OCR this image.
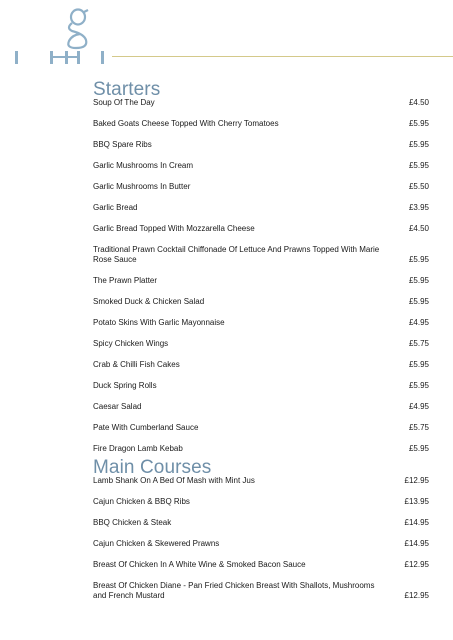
Starters
Soup Of The Day	£4.50
Baked Goats Cheese Topped With Cherry Tomatoes	£5.95
BBQ Spare Ribs	£5.95
Garlic Mushrooms In Cream	£5.95
Garlic Mushrooms In Butter	£5.50
Garlic Bread	£3.95
Garlic Bread Topped With Mozzarella Cheese	£4.50
Traditional Prawn Cocktail Chiffonade Of Lettuce And Prawns Topped With Marie Rose Sauce	£5.95
The Prawn Platter	£5.95
Smoked Duck & Chicken Salad	£5.95
Potato Skins With Garlic Mayonnaise	£4.95
Spicy Chicken Wings	£5.75
Crab & Chilli Fish Cakes	£5.95
Duck Spring Rolls	£5.95
Caesar Salad	£4.95
Pate With Cumberland Sauce	£5.75
Fire Dragon Lamb Kebab	£5.95
Main Courses
Lamb Shank On A Bed Of Mash with Mint Jus	£12.95
Cajun Chicken & BBQ Ribs	£13.95
BBQ Chicken & Steak	£14.95
Cajun Chicken & Skewered Prawns	£14.95
Breast Of Chicken In A White Wine & Smoked Bacon Sauce	£12.95
Breast Of Chicken Diane - Pan Fried Chicken Breast With Shallots, Mushrooms and French Mustard	£12.95
